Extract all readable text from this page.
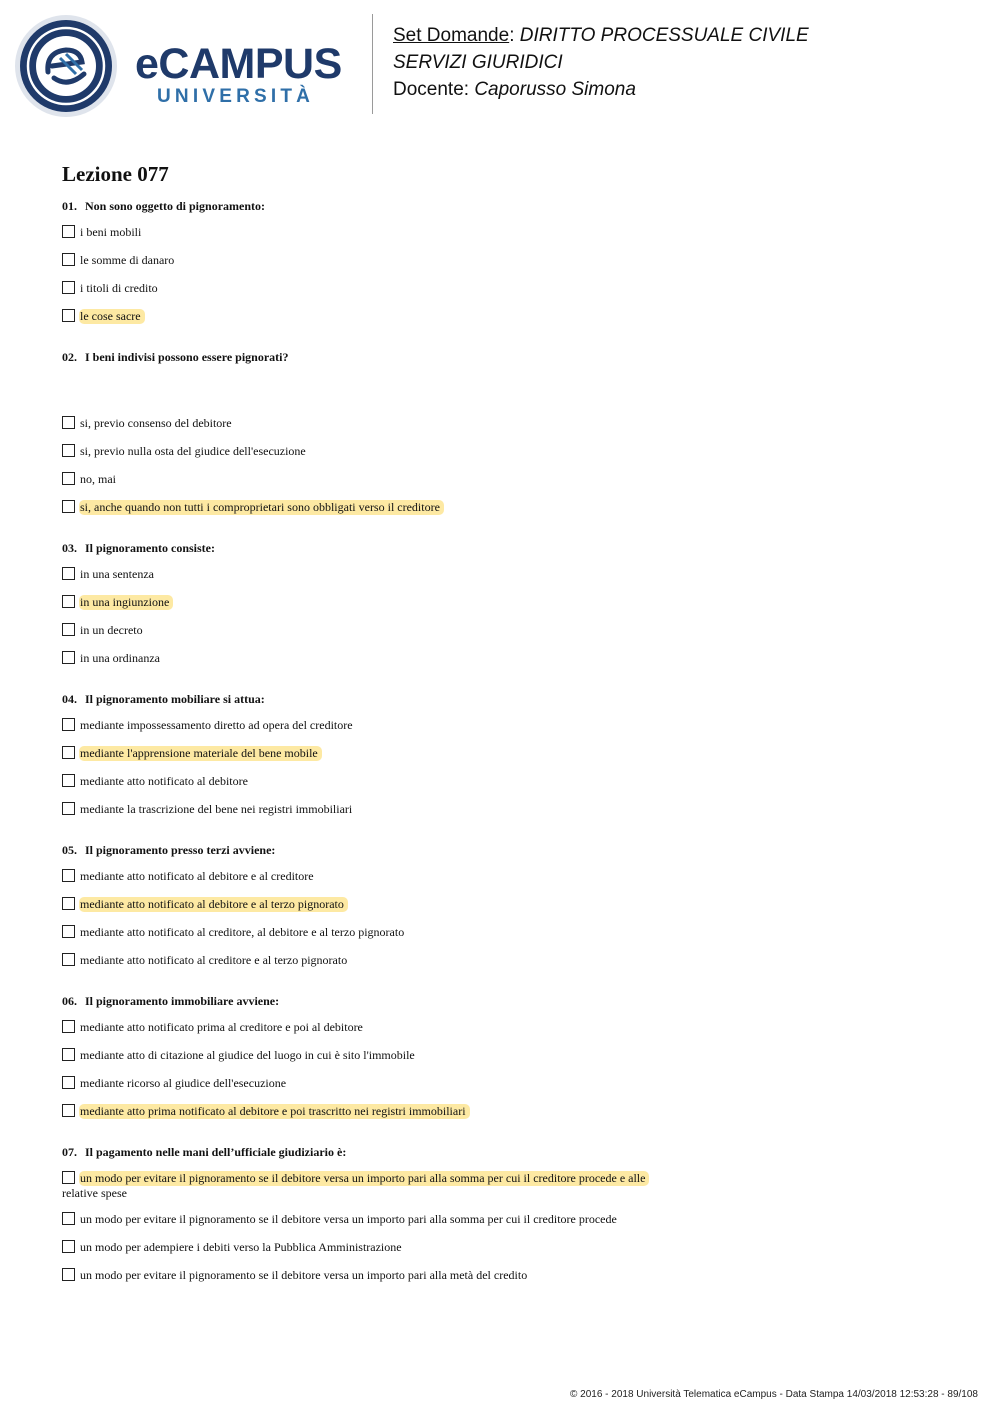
eCAMPUS
UNIVERSITÀ
Set Domande: DIRITTO PROCESSUALE CIVILE
SERVIZI GIURIDICI
Docente: Caporusso Simona
Lezione 077
01. Non sono oggetto di pignoramento:
i beni mobili
le somme di danaro
i titoli di credito
le cose sacre
02. I beni indivisi possono essere pignorati?
si, previo consenso del debitore
si, previo nulla osta del giudice dell'esecuzione
no, mai
si, anche quando non tutti i comproprietari sono obbligati verso il creditore
03. Il pignoramento consiste:
in una sentenza
in una ingiunzione
in un decreto
in una ordinanza
04. Il pignoramento mobiliare si attua:
mediante impossessamento diretto ad opera del creditore
mediante l'apprensione materiale del bene mobile
mediante atto notificato al debitore
mediante la trascrizione del bene nei registri immobiliari
05. Il pignoramento presso terzi avviene:
mediante atto notificato al debitore e al creditore
mediante atto notificato al debitore e al terzo pignorato
mediante atto notificato al creditore, al debitore e al terzo pignorato
mediante atto notificato al creditore e al terzo pignorato
06. Il pignoramento immobiliare avviene:
mediante atto notificato prima al creditore e poi al debitore
mediante atto di citazione al giudice del luogo in cui è sito l'immobile
mediante ricorso al giudice dell'esecuzione
mediante atto prima notificato al debitore e poi trascritto nei registri immobiliari
07. Il pagamento nelle mani dell’ufficiale giudiziario è:
un modo per evitare il pignoramento se il debitore versa un importo pari alla somma per cui il creditore procede e alle
relative spese
un modo per evitare il pignoramento se il debitore versa un importo pari alla somma per cui il creditore procede
un modo per adempiere i debiti verso la Pubblica Amministrazione
un modo per evitare il pignoramento se il debitore versa un importo pari alla metà del credito
© 2016 - 2018 Università Telematica eCampus - Data Stampa 14/03/2018 12:53:28 - 89/108
